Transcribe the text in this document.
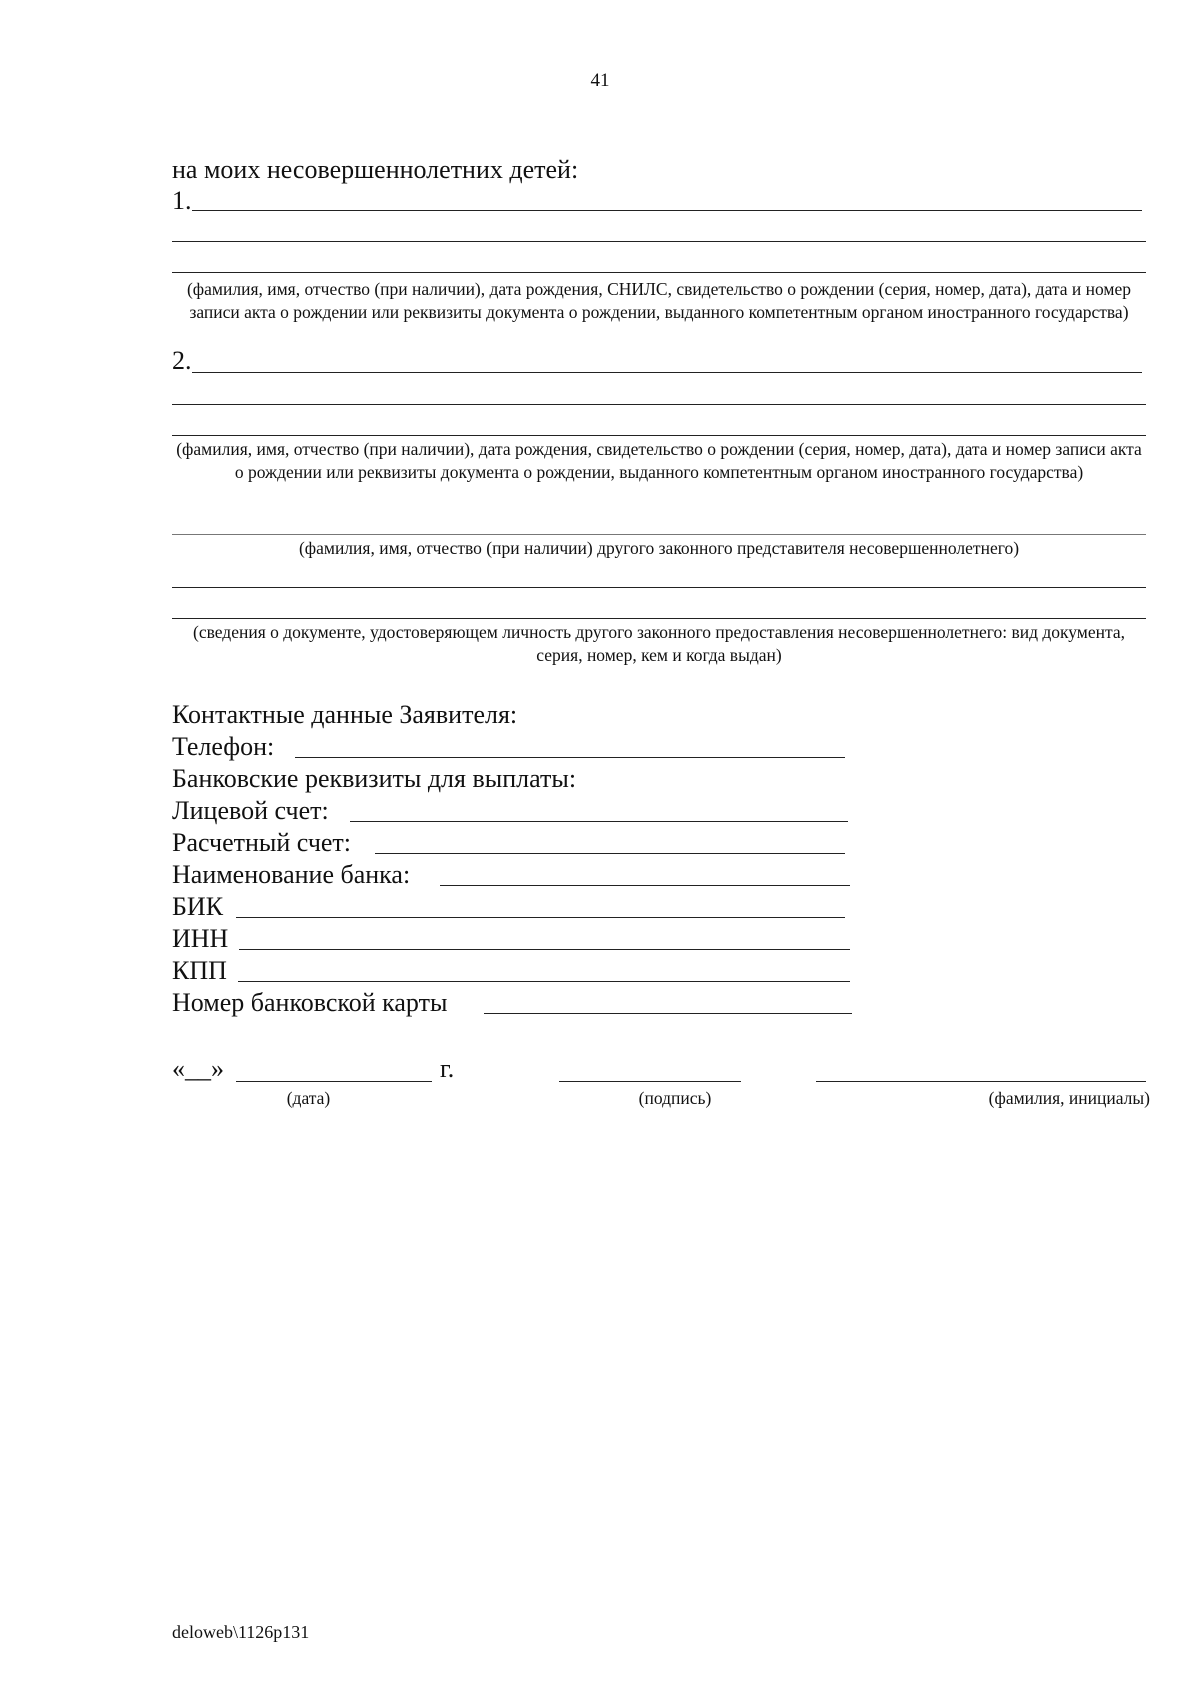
41
на моих несовершеннолетних детей:
1.
(фамилия, имя, отчество (при наличии), дата рождения, СНИЛС, свидетельство о рождении (серия, номер, дата), дата и номер записи акта о рождении или реквизиты документа о рождении, выданного компетентным органом иностранного государства)
2.
(фамилия, имя, отчество (при наличии), дата рождения, свидетельство о рождении (серия, номер, дата), дата и номер записи акта о рождении или реквизиты документа о рождении, выданного компетентным органом иностранного государства)
(фамилия, имя, отчество (при наличии) другого законного представителя несовершеннолетнего)
(сведения о документе, удостоверяющем личность другого законного предоставления несовершеннолетнего: вид документа, серия, номер, кем и когда выдан)
Контактные данные Заявителя:
Телефон:
Банковские реквизиты для выплаты:
Лицевой счет:
Расчетный счет:
Наименование банка:
БИК
ИНН
КПП
Номер банковской карты
«__»	г.
(дата)	(подпись)	(фамилия, инициалы)
deloweb\1126p131
